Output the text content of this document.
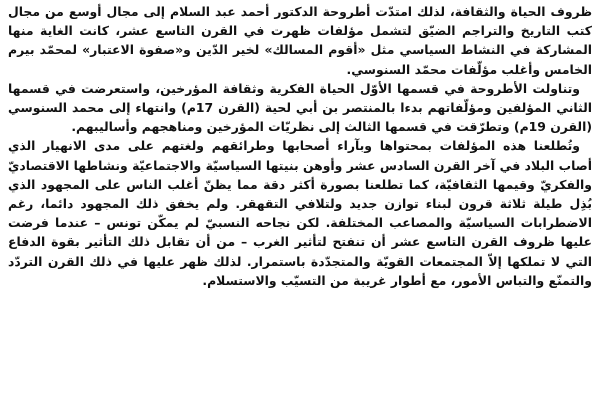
ظروف الحياة والثقافة، لذلك امتدّت أطروحة الدكتور أحمد عبد السلام إلى مجال أوسع من مجال كتب التاريخ والتراجم الضيّق لتشمل مؤلفات ظهرت في القرن التاسع عشر، كانت الغاية منها المشاركة في النشاط السياسي مثل «أقوم المسالك» لخير الدّين و«صفوة الاعتبار» لمحمّد بيرم الخامس وأغلب مؤلّفات محمّد السنوسي.

وتناولت الأطروحة في قسمها الأوّل الحياة الفكرية وثقافة المؤرخين، واستعرضت في قسمها الثاني المؤلفين ومؤلّفاتهم بدءا بالمنتصر بن أبي لحية (القرن 17م) وانتهاء إلى محمد السنوسي (القرن 19م) وتطرّقت في قسمها الثالث إلى نظريّات المؤرخين ومناهجهم وأساليبهم.

وتُطلعنا هذه المؤلفات بمحتواها وبآراء أصحابها وطرائقهم ولغتهم على مدى الانهيار الذي أصاب البلاد في آخر القرن السادس عشر وأوهن بنيتها السياسيّة والاجتماعيّة ونشاطها الاقتصاديّ والفكريّ وقيمها الثقافيّة، كما تطلعنا بصورة أكثر دقة مما يظنّ أغلب الناس على المجهود الذي بُذِل طيلة ثلاثة قرون لبناء توازن جديد ولتلافي التقهقر. ولم يخفق ذلك المجهود دائما، رغم الاضطرابات السياسيّة والمصاعب المختلفة. لكن نجاحه النسبيّ لم يمكّن تونس – عندما فرضت عليها ظروف القرن التاسع عشر أن تنفتح لتأثير الغرب – من أن تقابل ذلك التأثير بقوة الدفاع التي لا تملكها إلاّ المجتمعات القويّة والمتجدّدة باستمرار. لذلك ظهر عليها في ذلك القرن التردّد والتمنّع والتباس الأمور، مع أطوار غريبة من التسيّب والاستسلام.
